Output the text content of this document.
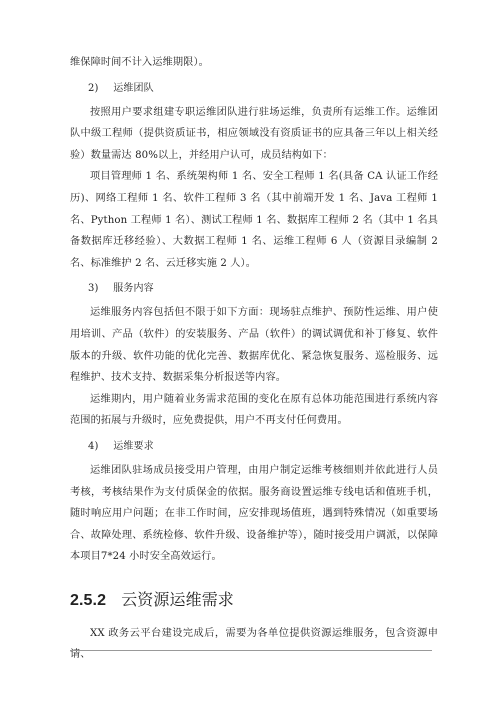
维保障时间不计入运维期限）。

2) 运维团队

按照用户要求组建专职运维团队进行驻场运维，负责所有运维工作。运维团队中级工程师（提供资质证书，相应领域没有资质证书的应具备三年以上相关经验）数量需达 80%以上，并经用户认可，成员结构如下：

项目管理师 1 名、系统架构师 1 名、安全工程师 1 名(具备 CA 认证工作经历)、网络工程师 1 名、软件工程师 3 名（其中前端开发 1 名、Java 工程师 1 名、Python 工程师 1 名）、测试工程师 1 名、数据库工程师 2 名（其中 1 名具备数据库迁移经验）、大数据工程师 1 名、运维工程师 6 人（资源目录编制 2 名、标准维护 2 名、云迁移实施 2 人）。

3) 服务内容

运维服务内容包括但不限于如下方面：现场驻点维护、预防性运维、用户使用培训、产品（软件）的安装服务、产品（软件）的调试调优和补丁修复、软件版本的升级、软件功能的优化完善、数据库优化、紧急恢复服务、巡检服务、远程维护、技术支持、数据采集分析报送等内容。

运维期内，用户随着业务需求范围的变化在原有总体功能范围进行系统内容范围的拓展与升级时，应免费提供，用户不再支付任何费用。

4) 运维要求

运维团队驻场成员接受用户管理，由用户制定运维考核细则并依此进行人员考核，考核结果作为支付质保金的依据。服务商设置运维专线电话和值班手机，随时响应用户问题；在非工作时间，应安排现场值班，遇到特殊情况（如重要场合、故障处理、系统检修、软件升级、设备维护等），随时接受用户调派，以保障本项目7*24 小时安全高效运行。

2.5.2 云资源运维需求

XX 政务云平台建设完成后，需要为各单位提供资源运维服务，包含资源申请、
